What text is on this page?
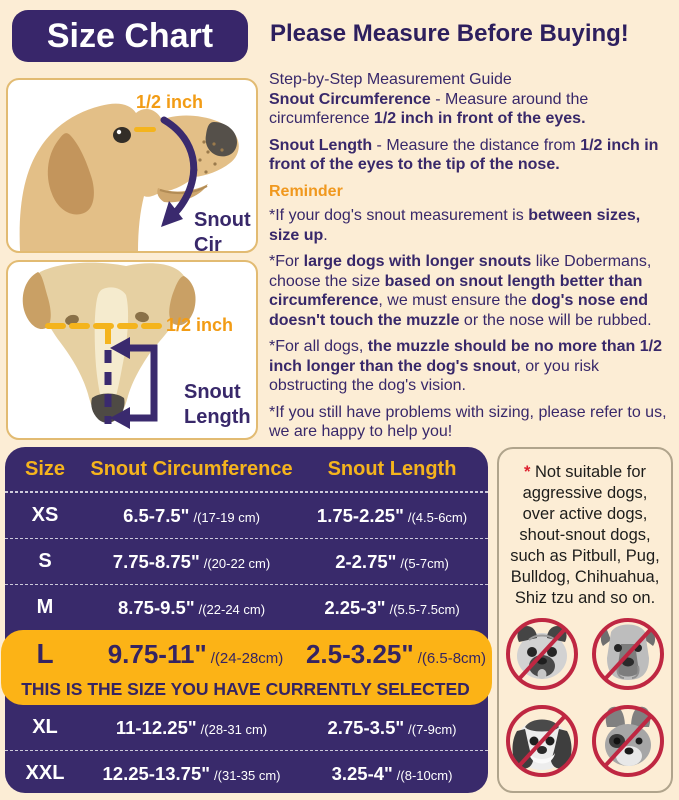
Size Chart Please Measure Before Buying!

Step-by-Step Measurement Guide

Snout Circumference - Measure around the circumference 1/2 inch in front of the eyes.

Snout Length - Measure the distance from 1/2 inch in front of the eyes to the tip of the nose.

Reminder

*If your dog's snout measurement is between sizes, size up.

*For large dogs with longer snouts like Dobermans, choose the size based on snout length better than circumference, we must ensure the dog's nose end doesn't touch the muzzle or the nose will be rubbed.

*For all dogs, the muzzle should be no more than 1/2 inch longer than the dog's snout, or you risk obstructing the dog's vision.

*If you still have problems with sizing, please refer to us, we are happy to help you!

1/2 inch
Snout
Cir
1/2 inch
Snout
Length
Size	Snout Circumference	Snout Length
XS	6.5-7.5" /(17-19 cm)	1.75-2.25" /(4.5-6cm)
S	7.75-8.75" /(20-22 cm)	2-2.75" /(5-7cm)
M	8.75-9.5" /(22-24 cm)	2.25-3" /(5.5-7.5cm)
L	9.75-11" /(24-28cm) 2.5-3.25" /(6.5-8cm)
THIS IS THE SIZE YOU HAVE CURRENTLY SELECTED
XL	11-12.25" /(28-31 cm)	2.75-3.5" /(7-9cm)
XXL	12.25-13.75" /(31-35 cm)	3.25-4" /(8-10cm)
* Not suitable for
aggressive dogs,
over active dogs,
shout-snout dogs,
such as Pitbull, Pug,
Bulldog, Chihuahua,
Shiz tzu and so on.
